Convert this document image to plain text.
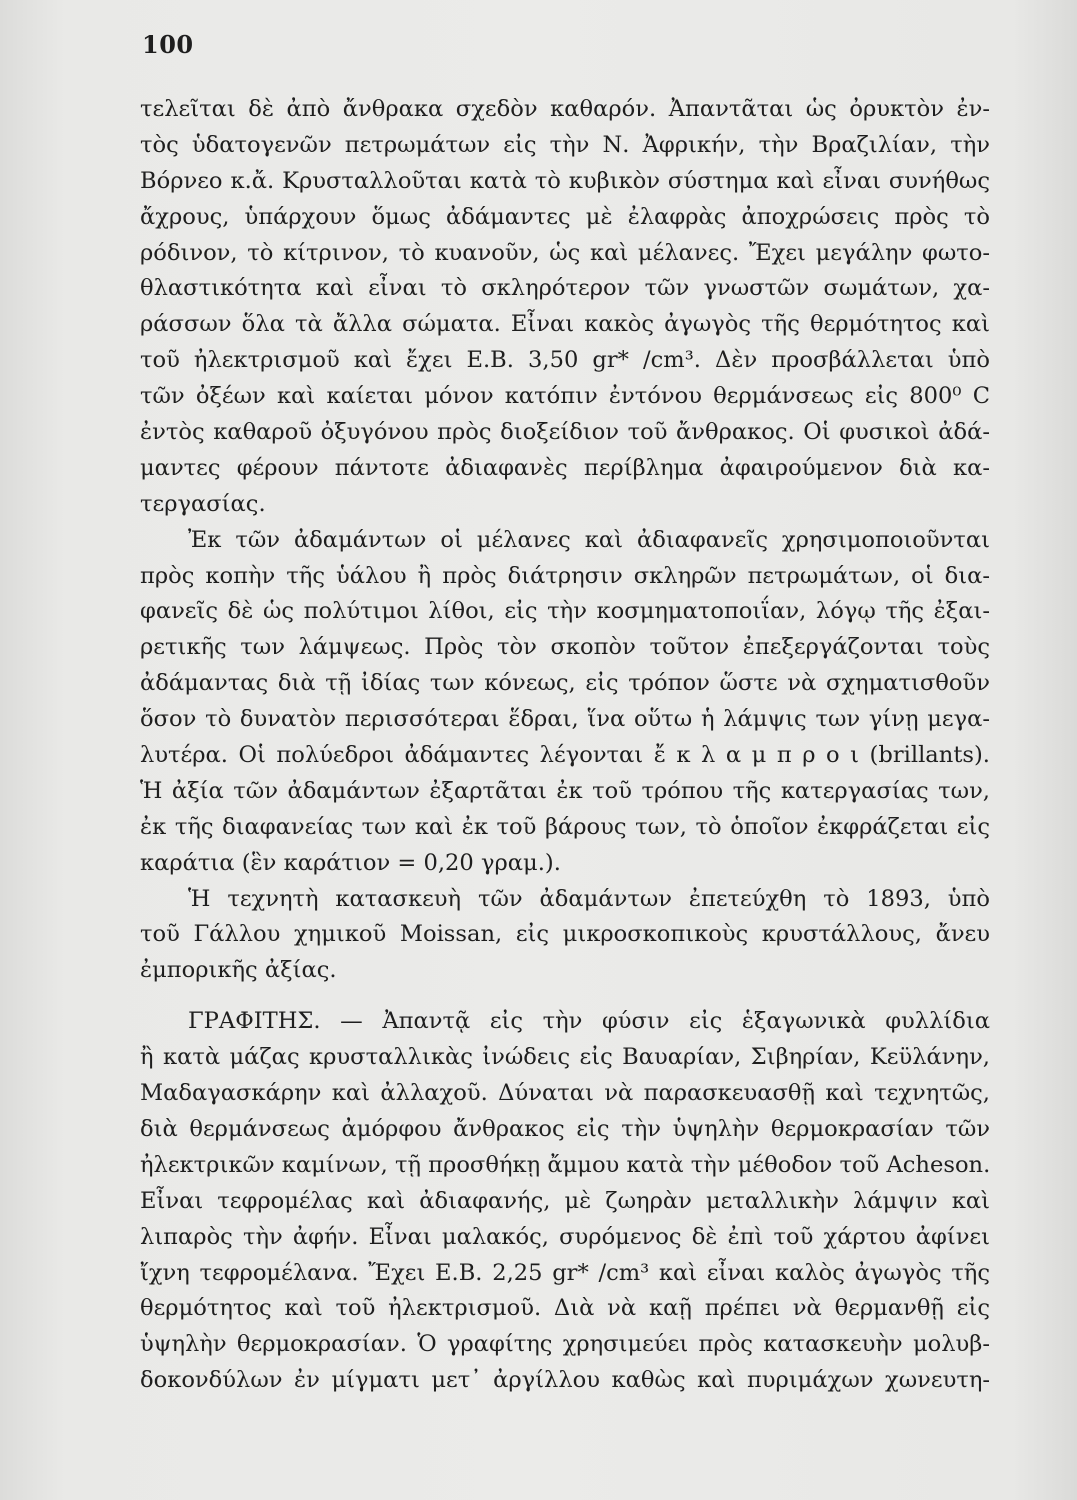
100
τελεῖται δὲ ἀπὸ ἄνθρακα σχεδὸν καθαρόν. Ἀπαντᾶται ὡς ὀρυκτὸν ἐν-
τὸς ὑδατογενῶν πετρωμάτων εἰς τὴν Ν. Ἀφρικήν, τὴν Βραζιλίαν, τὴν
Βόρνεο κ.ἄ. Κρυσταλλοῦται κατὰ τὸ κυβικὸν σύστημα καὶ εἶναι συνήθως
ἄχρους, ὑπάρχουν ὅμως ἀδάμαντες μὲ ἐλαφρὰς ἀποχρώσεις πρὸς τὸ
ρόδινον, τὸ κίτρινον, τὸ κυανοῦν, ὡς καὶ μέλανες. Ἔχει μεγάλην φωτο-
θλαστικότητα καὶ εἶναι τὸ σκληρότερον τῶν γνωστῶν σωμάτων, χα-
ράσσων ὅλα τὰ ἄλλα σώματα. Εἶναι κακὸς ἀγωγὸς τῆς θερμότητος καὶ
τοῦ ἠλεκτρισμοῦ καὶ ἔχει Ε.Β. 3,50 gr* /cm³. Δὲν προσβάλλεται ὑπὸ
τῶν ὀξέων καὶ καίεται μόνον κατόπιν ἐντόνου θερμάνσεως εἰς 800⁰ C
ἐντὸς καθαροῦ ὀξυγόνου πρὸς διοξείδιον τοῦ ἄνθρακος. Οἱ φυσικοὶ ἀδά-
μαντες φέρουν πάντοτε ἀδιαφανὲς περίβλημα ἀφαιρούμενον διὰ κα-
τεργασίας.
Ἐκ τῶν ἀδαμάντων οἱ μέλανες καὶ ἀδιαφανεῖς χρησιμοποιοῦνται
πρὸς κοπὴν τῆς ὑάλου ἢ πρὸς διάτρησιν σκληρῶν πετρωμάτων, οἱ δια-
φανεῖς δὲ ὡς πολύτιμοι λίθοι, εἰς τὴν κοσμηματοποιΐαν, λόγῳ τῆς ἐξαι-
ρετικῆς των λάμψεως. Πρὸς τὸν σκοπὸν τοῦτον ἐπεξεργάζονται τοὺς
ἀδάμαντας διὰ τῇ ἰδίας των κόνεως, εἰς τρόπον ὥστε νὰ σχηματισθοῦν
ὅσον τὸ δυνατὸν περισσότεραι ἕδραι, ἵνα οὕτω ἡ λάμψις των γίνῃ μεγα-
λυτέρα. Οἱ πολύεδροι ἀδάμαντες λέγονται ἔ κ λ α μ π ρ ο ι (brillants).
Ἡ ἀξία τῶν ἀδαμάντων ἐξαρτᾶται ἐκ τοῦ τρόπου τῆς κατεργασίας των,
ἐκ τῆς διαφανείας των καὶ ἐκ τοῦ βάρους των, τὸ ὁποῖον ἐκφράζεται εἰς
καράτια (ἓν καράτιον = 0,20 γραμ.).
Ἡ τεχνητὴ κατασκευὴ τῶν ἀδαμάντων ἐπετεύχθη τὸ 1893, ὑπὸ
τοῦ Γάλλου χημικοῦ Moissan, εἰς μικροσκοπικοὺς κρυστάλλους, ἄνευ
ἐμπορικῆς ἀξίας.
ΓΡΑΦΙΤΗΣ. — Ἀπαντᾷ εἰς τὴν φύσιν εἰς ἑξαγωνικὰ φυλλίδια
ἢ κατὰ μάζας κρυσταλλικὰς ἰνώδεις εἰς Βαυαρίαν, Σιβηρίαν, Κεϋλάνην,
Μαδαγασκάρην καὶ ἀλλαχοῦ. Δύναται νὰ παρασκευασθῇ καὶ τεχνητῶς,
διὰ θερμάνσεως ἀμόρφου ἄνθρακος εἰς τὴν ὑψηλὴν θερμοκρασίαν τῶν
ἠλεκτρικῶν καμίνων, τῇ προσθήκῃ ἄμμου κατὰ τὴν μέθοδον τοῦ Acheson.
Εἶναι τεφρομέλας καὶ ἀδιαφανής, μὲ ζωηρὰν μεταλλικὴν λάμψιν καὶ
λιπαρὸς τὴν ἀφήν. Εἶναι μαλακός, συρόμενος δὲ ἐπὶ τοῦ χάρτου ἀφίνει
ἴχνη τεφρομέλανα. Ἔχει Ε.Β. 2,25 gr* /cm³ καὶ εἶναι καλὸς ἀγωγὸς τῆς
θερμότητος καὶ τοῦ ἠλεκτρισμοῦ. Διὰ νὰ καῇ πρέπει νὰ θερμανθῇ εἰς
ὑψηλὴν θερμοκρασίαν. Ὁ γραφίτης χρησιμεύει πρὸς κατασκευὴν μολυβ-
δοκονδύλων ἐν μίγματι μετ᾽ ἀργίλλου καθὼς καὶ πυριμάχων χωνευτη-
